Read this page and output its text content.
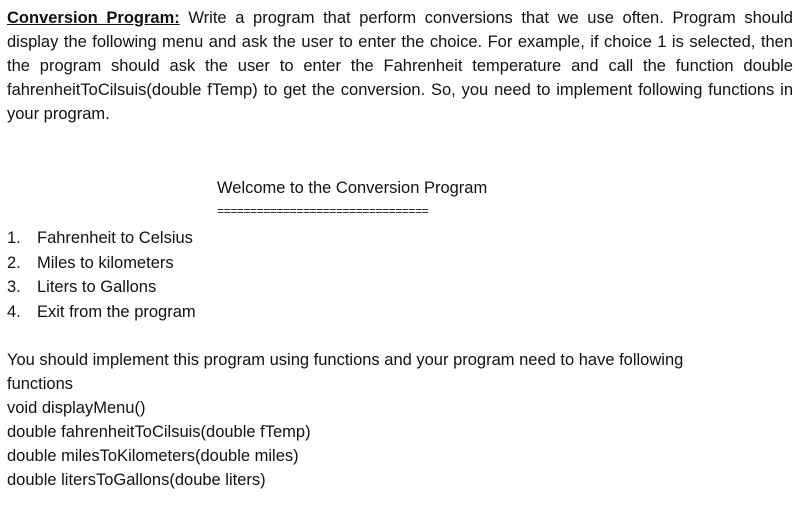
Conversion Program: Write a program that perform conversions that we use often. Program should display the following menu and ask the user to enter the choice. For example, if choice 1 is selected, then the program should ask the user to enter the Fahrenheit temperature and call the function double fahrenheitToCilsuis(double fTemp) to get the conversion. So, you need to implement following functions in your program.

Welcome to the Conversion Program

================================
1. Fahrenheit to Celsius
2. Miles to kilometers
3. Liters to Gallons
4. Exit from the program

You should implement this program using functions and your program need to have following functions

void displayMenu()
double fahrenheitToCilsuis(double fTemp)
double milesToKilometers(double miles)
double litersToGallons(doube liters)
